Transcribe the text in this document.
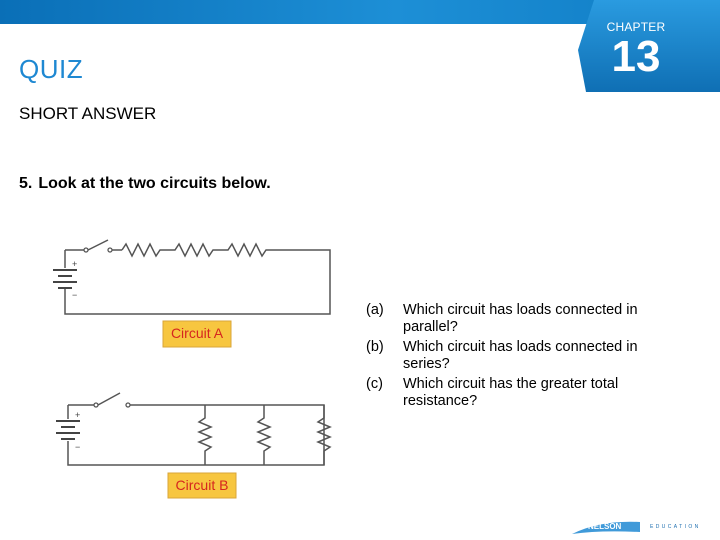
CHAPTER
13
QUIZ
SHORT ANSWER
5. Look at the two circuits below.
+
−
Circuit A
+
−
Circuit B
(a)	Which circuit has loads connected in parallel?
(b)	Which circuit has loads connected in series?
(c)	Which circuit has the greater total resistance?
NELSON	EDUCATION
